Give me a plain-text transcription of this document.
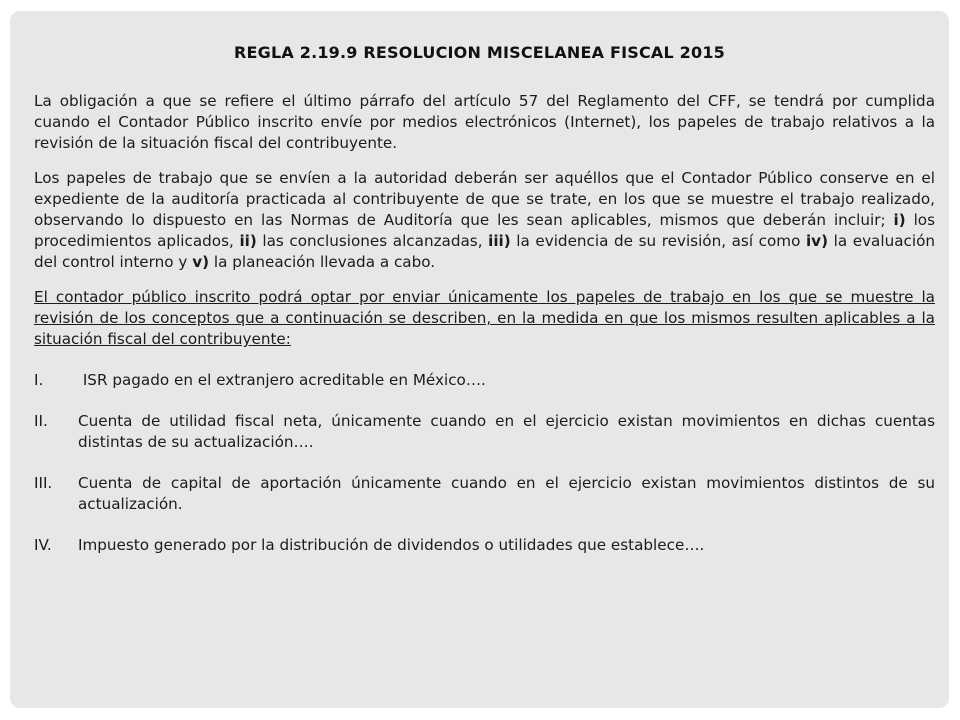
REGLA 2.19.9 RESOLUCION MISCELANEA FISCAL 2015

La obligación a que se refiere el último párrafo del artículo 57 del Reglamento del CFF, se tendrá por cumplida cuando el Contador Público inscrito envíe por medios electrónicos (Internet), los papeles de trabajo relativos a la revisión de la situación fiscal del contribuyente.

Los papeles de trabajo que se envíen a la autoridad deberán ser aquéllos que el Contador Público conserve en el expediente de la auditoría practicada al contribuyente de que se trate, en los que se muestre el trabajo realizado, observando lo dispuesto en las Normas de Auditoría que les sean aplicables, mismos que deberán incluir; i) los procedimientos aplicados, ii) las conclusiones alcanzadas, iii) la evidencia de su revisión, así como iv) la evaluación del control interno y v) la planeación llevada a cabo.

El contador público inscrito podrá optar por enviar únicamente los papeles de trabajo en los que se muestre la revisión de los conceptos que a continuación se describen, en la medida en que los mismos resulten aplicables a la situación fiscal del contribuyente:

I.	ISR pagado en el extranjero acreditable en México….
II.	Cuenta de utilidad fiscal neta, únicamente cuando en el ejercicio existan movimientos en dichas cuentas distintas de su actualización….
III.	Cuenta de capital de aportación únicamente cuando en el ejercicio existan movimientos distintos de su actualización.
IV.	Impuesto generado por la distribución de dividendos o utilidades que establece….
